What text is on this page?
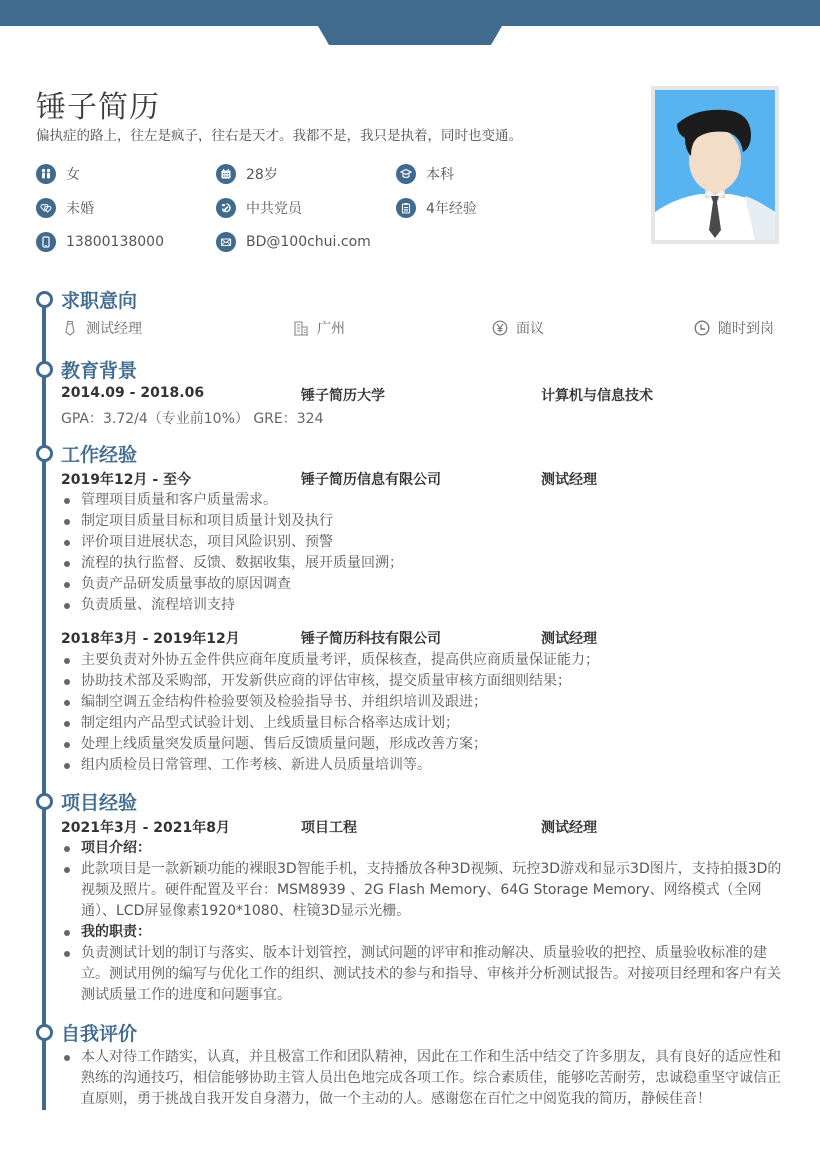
锤子简历

偏执症的路上，往左是疯子，往右是天才。我都不是，我只是执着，同时也变通。

女	28岁	本科
未婚	中共党员	4年经验
13800138000	BD@100chui.com
求职意向
测试经理	广州	面议	随时到岗
教育背景
2014.09 - 2018.06	锤子简历大学	计算机与信息技术
GPA：3.72/4（专业前10%） GRE：324
工作经验
2019年12月 - 至今	锤子简历信息有限公司	测试经理
管理项目质量和客户质量需求。
制定项目质量目标和项目质量计划及执行
评价项目进展状态，项目风险识别、预警
流程的执行监督、反馈、数据收集，展开质量回溯；
负责产品研发质量事故的原因调查
负责质量、流程培训支持
2018年3月 - 2019年12月	锤子简历科技有限公司	测试经理
主要负责对外协五金件供应商年度质量考评，质保核查，提高供应商质量保证能力；
协助技术部及采购部，开发新供应商的评估审核，提交质量审核方面细则结果；
编制空调五金结构件检验要领及检验指导书、并组织培训及跟进；
制定组内产品型式试验计划、上线质量目标合格率达成计划；
处理上线质量突发质量问题、售后反馈质量问题，形成改善方案；
组内质检员日常管理、工作考核、新进人员质量培训等。
项目经验
2021年3月 - 2021年8月	项目工程	测试经理
项目介绍：
此款项目是一款新颖功能的裸眼3D智能手机，支持播放各种3D视频、玩控3D游戏和显示3D图片，支持拍摄3D的视频及照片。硬件配置及平台：MSM8939 、2G Flash Memory、64G Storage Memory、网络模式（全网通）、LCD屏显像素1920*1080、柱镜3D显示光栅。
我的职责：
负责测试计划的制订与落实、版本计划管控，测试问题的评审和推动解决、质量验收的把控、质量验收标准的建立。测试用例的编写与优化工作的组织、测试技术的参与和指导、审核并分析测试报告。对接项目经理和客户有关测试质量工作的进度和问题事宜。
自我评价
本人对待工作踏实，认真，并且极富工作和团队精神，因此在工作和生活中结交了许多朋友，具有良好的适应性和熟练的沟通技巧，相信能够协助主管人员出色地完成各项工作。综合素质佳，能够吃苦耐劳，忠诚稳重坚守诚信正直原则，勇于挑战自我开发自身潜力，做一个主动的人。感谢您在百忙之中阅览我的简历，静候佳音！
